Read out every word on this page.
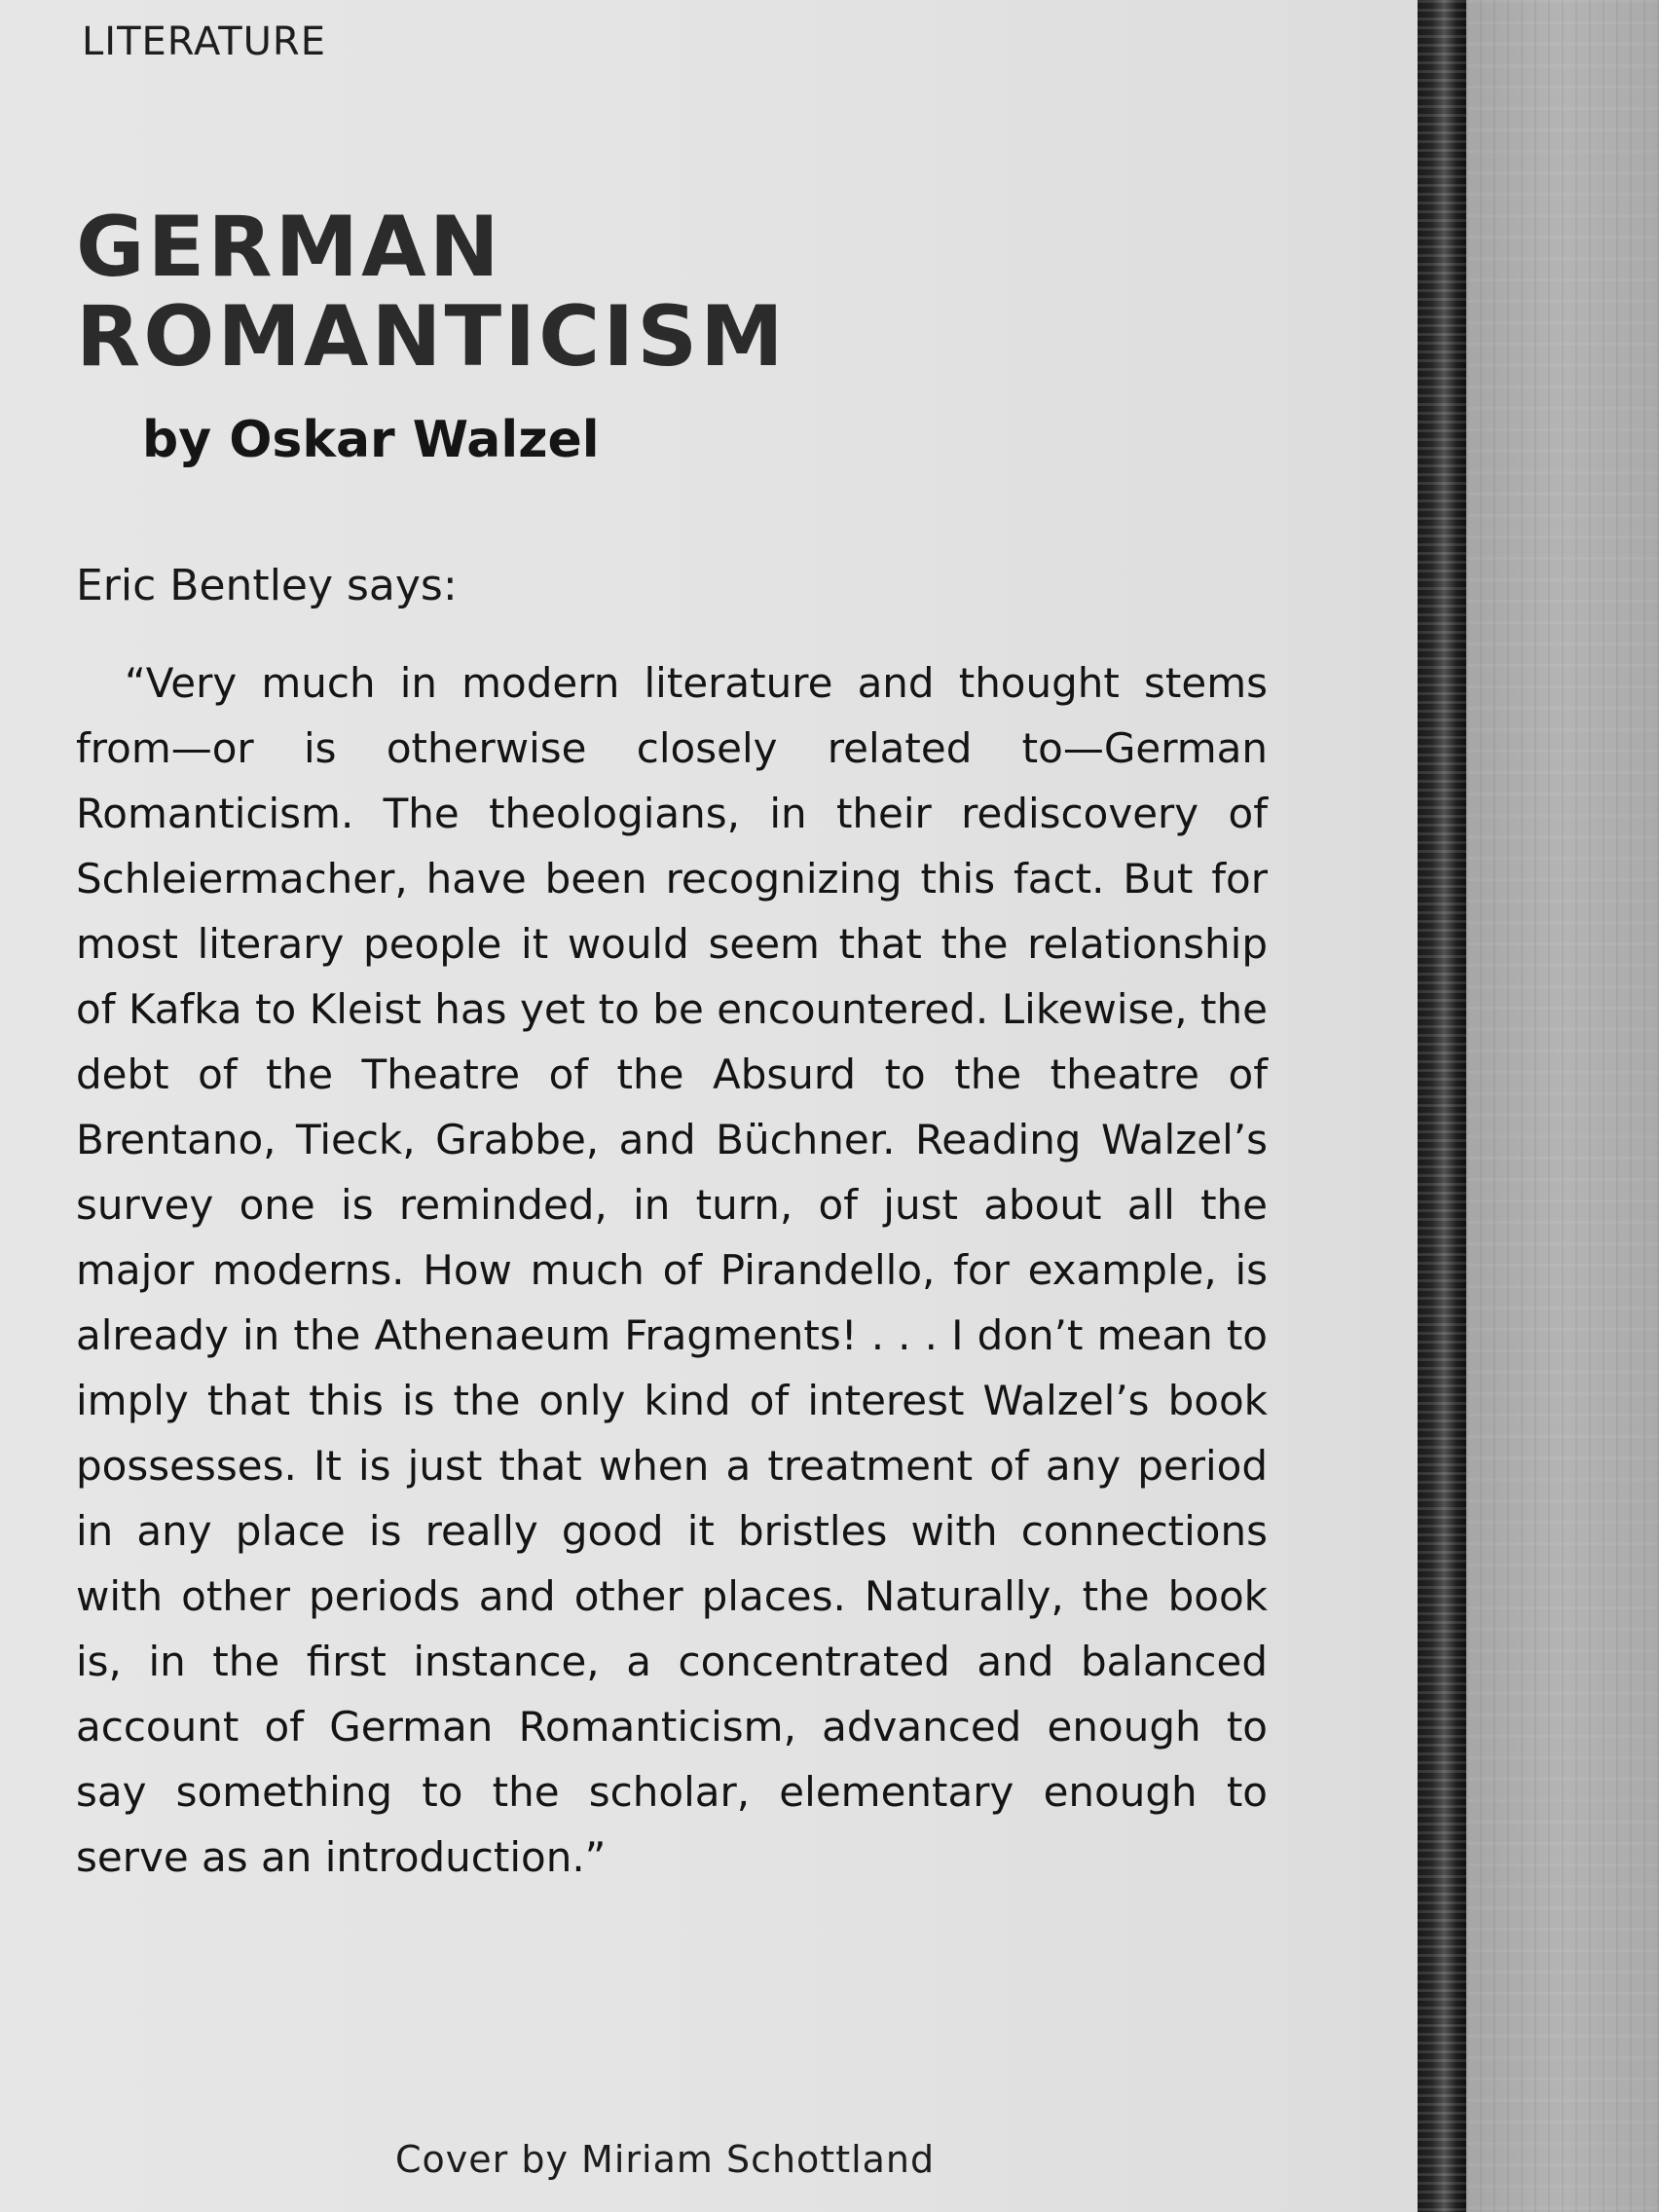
LITERATURE
GERMAN
ROMANTICISM
by Oskar Walzel
Eric Bentley says:

“Very much in modern literature and thought stems from—or is otherwise closely related to—German Romanticism. The theologians, in their rediscovery of Schleiermacher, have been recognizing this fact. But for most literary people it would seem that the relationship of Kafka to Kleist has yet to be encountered. Likewise, the debt of the Theatre of the Absurd to the theatre of Brentano, Tieck, Grabbe, and Büchner. Reading Walzel’s survey one is reminded, in turn, of just about all the major moderns. How much of Pirandello, for example, is already in the Athenaeum Fragments! . . . I don’t mean to imply that this is the only kind of interest Walzel’s book possesses. It is just that when a treatment of any period in any place is really good it bristles with connections with other periods and other places. Naturally, the book is, in the first instance, a concentrated and balanced account of German Romanticism, advanced enough to say something to the scholar, elementary enough to serve as an introduction.”

Cover by Miriam Schottland
